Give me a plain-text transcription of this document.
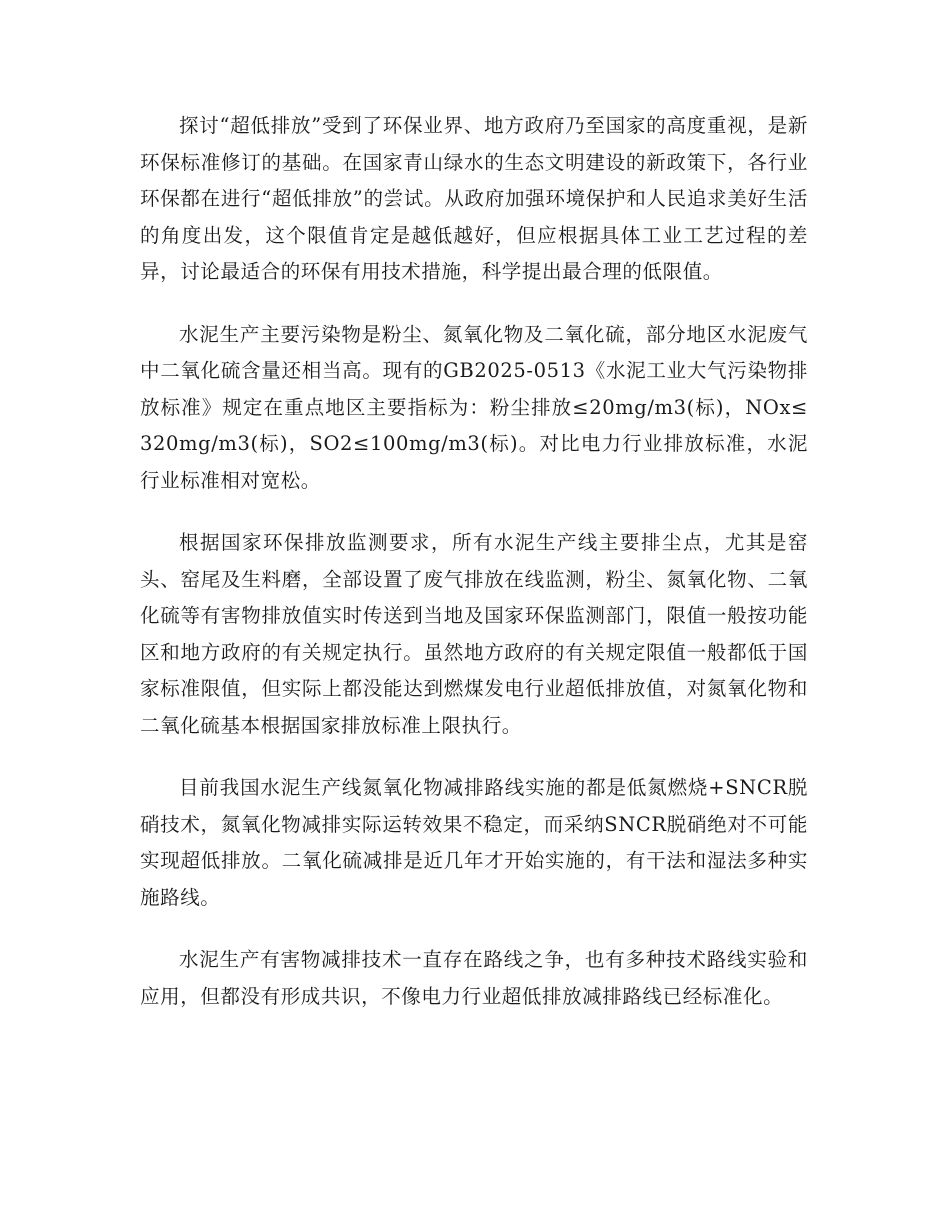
探讨“超低排放”受到了环保业界、地方政府乃至国家的高度重视，是新环保标准修订的基础。在国家青山绿水的生态文明建设的新政策下，各行业环保都在进行“超低排放”的尝试。从政府加强环境保护和人民追求美好生活的角度出发，这个限值肯定是越低越好，但应根据具体工业工艺过程的差异，讨论最适合的环保有用技术措施，科学提出最合理的低限值。

水泥生产主要污染物是粉尘、氮氧化物及二氧化硫，部分地区水泥废气中二氧化硫含量还相当高。现有的GB2025-0513《水泥工业大气污染物排放标准》规定在重点地区主要指标为：粉尘排放≤20mg/m3(标)，NOx≤320mg/m3(标)，SO2≤100mg/m3(标)。对比电力行业排放标准，水泥行业标准相对宽松。

根据国家环保排放监测要求，所有水泥生产线主要排尘点，尤其是窑头、窑尾及生料磨，全部设置了废气排放在线监测，粉尘、氮氧化物、二氧化硫等有害物排放值实时传送到当地及国家环保监测部门，限值一般按功能区和地方政府的有关规定执行。虽然地方政府的有关规定限值一般都低于国家标准限值，但实际上都没能达到燃煤发电行业超低排放值，对氮氧化物和二氧化硫基本根据国家排放标准上限执行。

目前我国水泥生产线氮氧化物减排路线实施的都是低氮燃烧+SNCR脱硝技术，氮氧化物减排实际运转效果不稳定，而采纳SNCR脱硝绝对不可能实现超低排放。二氧化硫减排是近几年才开始实施的，有干法和湿法多种实施路线。

水泥生产有害物减排技术一直存在路线之争，也有多种技术路线实验和应用，但都没有形成共识，不像电力行业超低排放减排路线已经标准化。
